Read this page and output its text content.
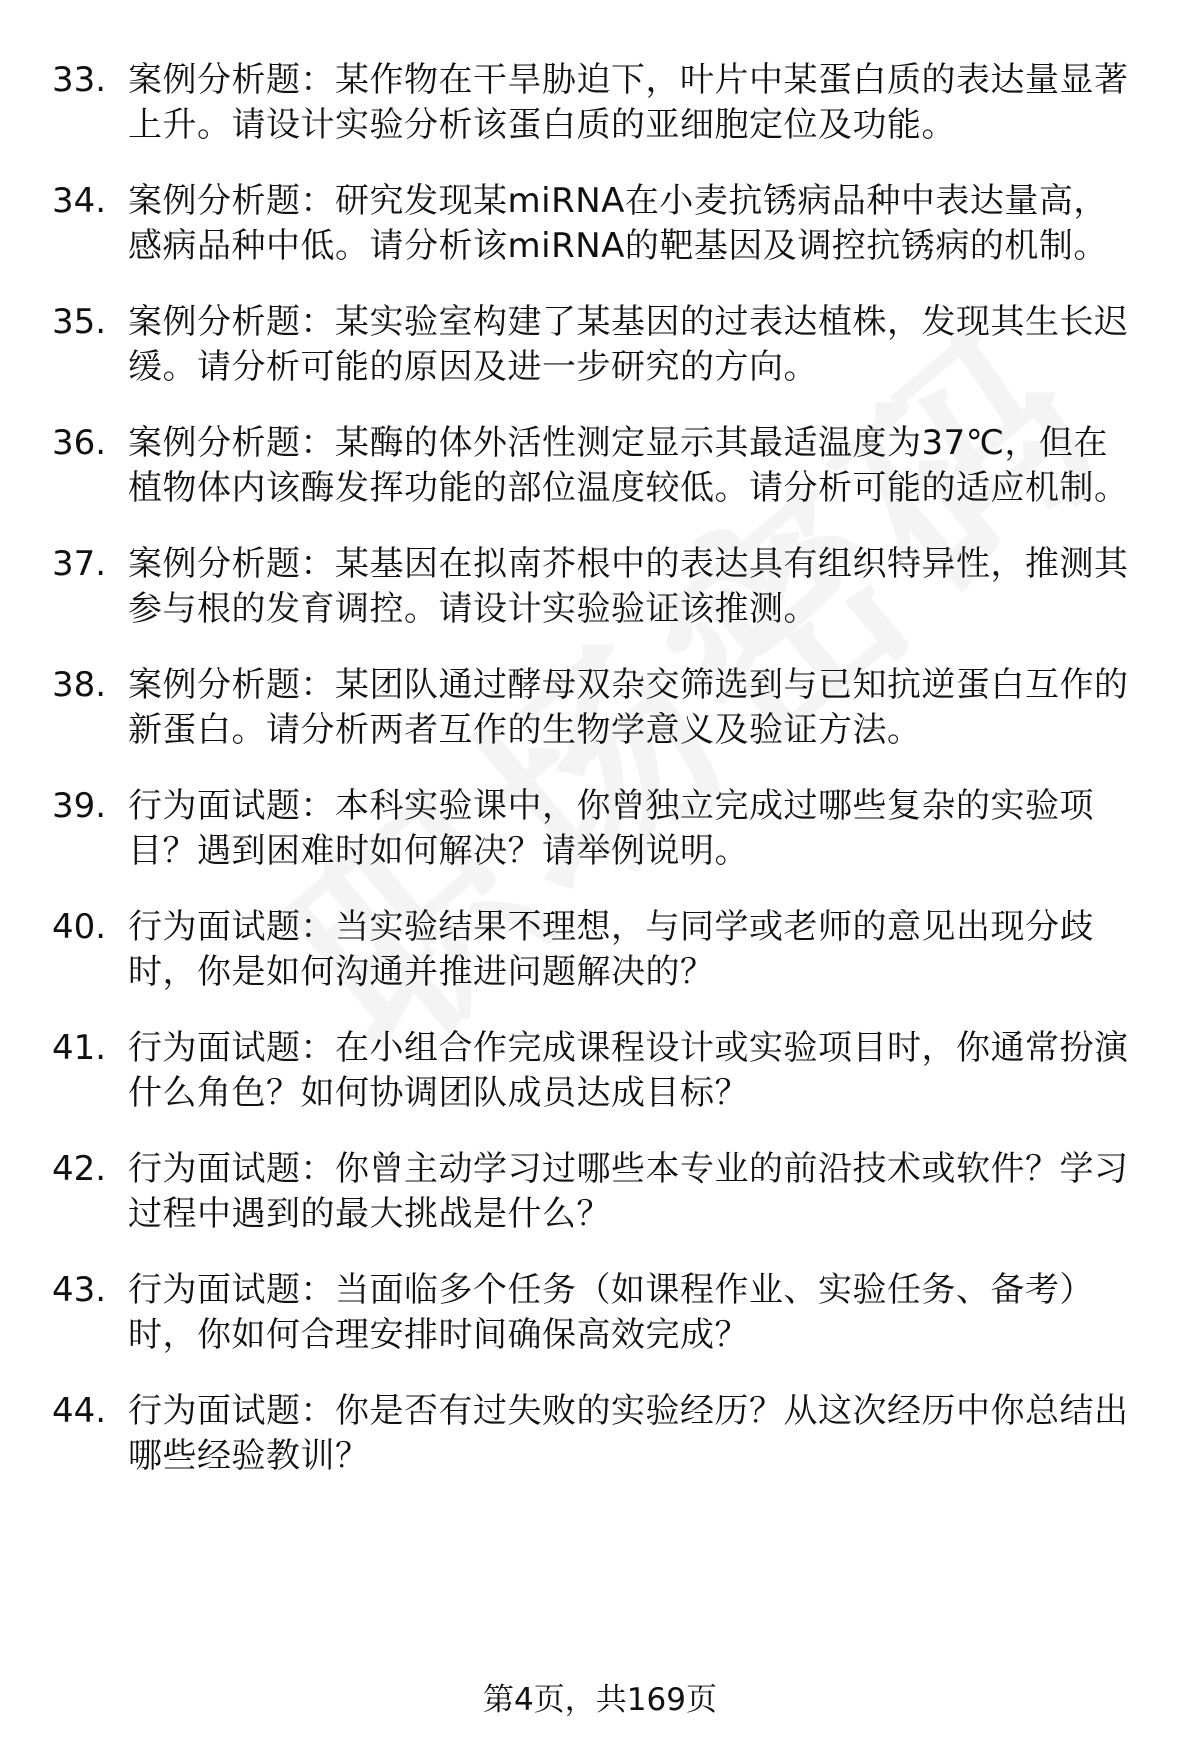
33. 案例分析题：某作物在干旱胁迫下，叶片中某蛋白质的表达量显著上升。请设计实验分析该蛋白质的亚细胞定位及功能。
34. 案例分析题：研究发现某miRNA在小麦抗锈病品种中表达量高，感病品种中低。请分析该miRNA的靶基因及调控抗锈病的机制。
35. 案例分析题：某实验室构建了某基因的过表达植株，发现其生长迟缓。请分析可能的原因及进一步研究的方向。
36. 案例分析题：某酶的体外活性测定显示其最适温度为37℃，但在植物体内该酶发挥功能的部位温度较低。请分析可能的适应机制。
37. 案例分析题：某基因在拟南芥根中的表达具有组织特异性，推测其参与根的发育调控。请设计实验验证该推测。
38. 案例分析题：某团队通过酵母双杂交筛选到与已知抗逆蛋白互作的新蛋白。请分析两者互作的生物学意义及验证方法。
39. 行为面试题：本科实验课中，你曾独立完成过哪些复杂的实验项目？遇到困难时如何解决？请举例说明。
40. 行为面试题：当实验结果不理想，与同学或老师的意见出现分歧时，你是如何沟通并推进问题解决的？
41. 行为面试题：在小组合作完成课程设计或实验项目时，你通常扮演什么角色？如何协调团队成员达成目标？
42. 行为面试题：你曾主动学习过哪些本专业的前沿技术或软件？学习过程中遇到的最大挑战是什么？
43. 行为面试题：当面临多个任务（如课程作业、实验任务、备考）时，你如何合理安排时间确保高效完成？
44. 行为面试题：你是否有过失败的实验经历？从这次经历中你总结出哪些经验教训？
第4页，共169页
